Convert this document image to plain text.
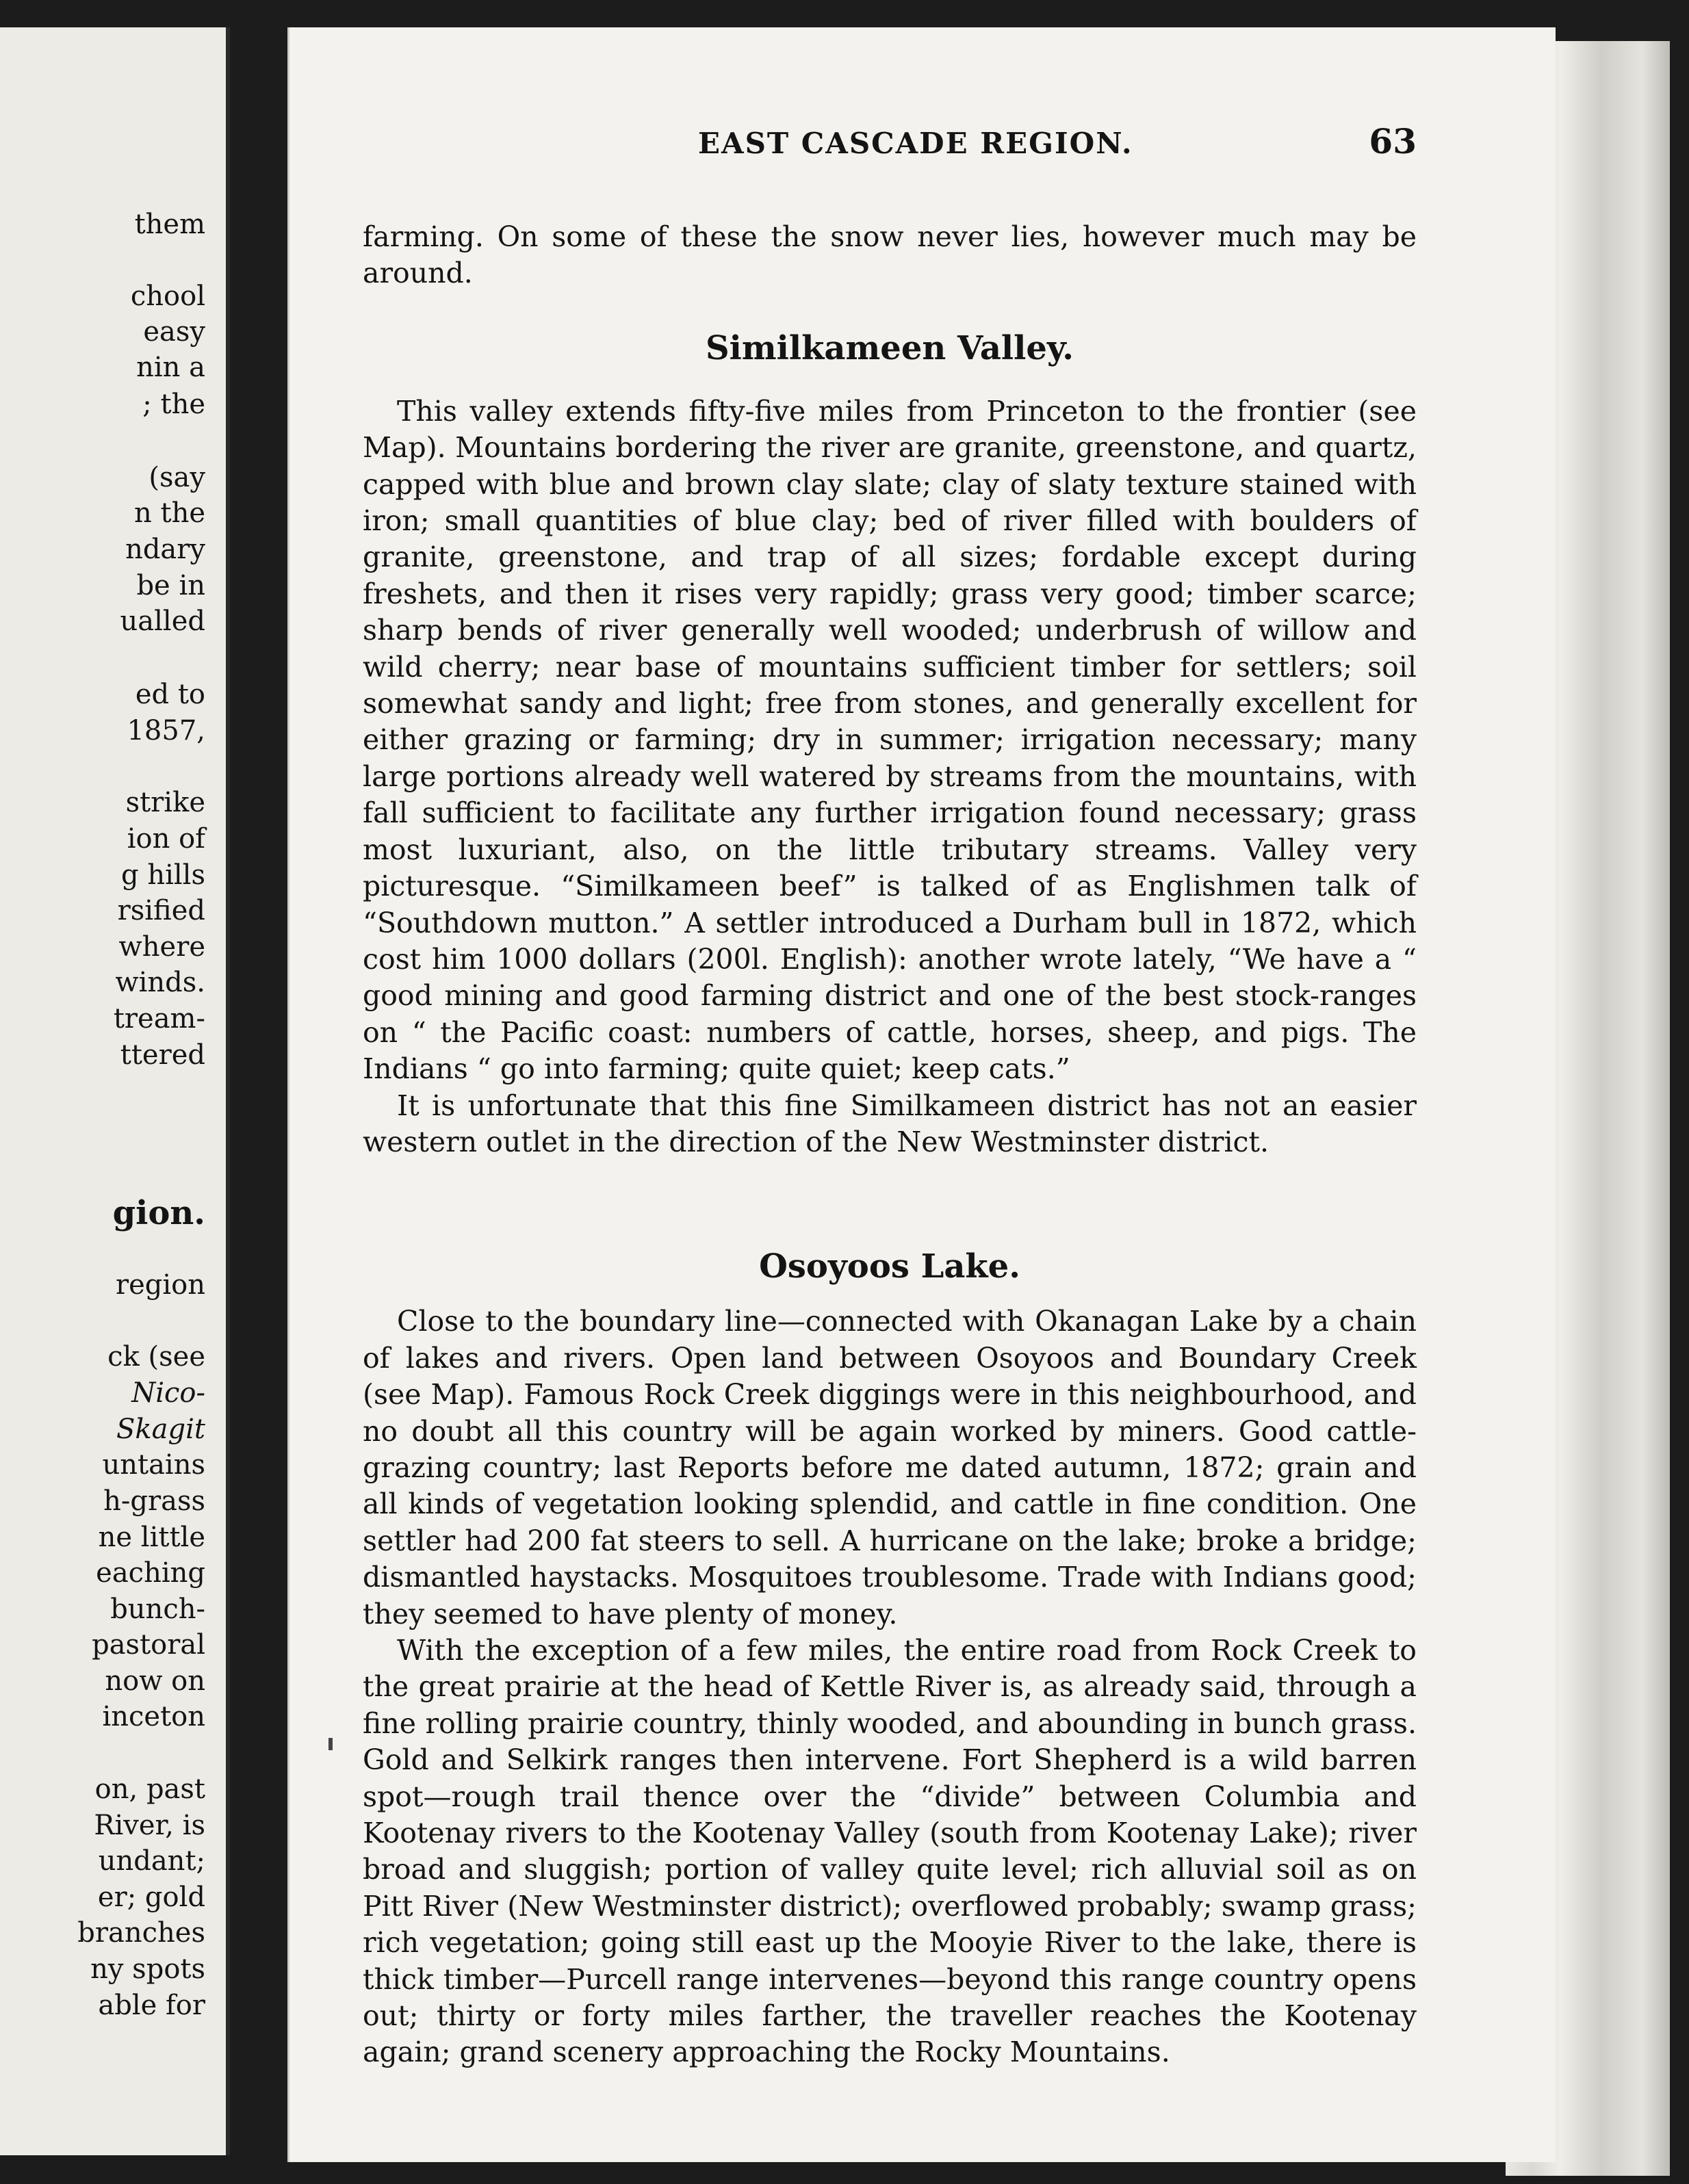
them
chool
easy
nin a
; the
(say
n the
ndary
be in
ualled
ed to
1857,
strike
ion of
g hills
rsified
where
winds.
tream-
ttered
gion.
region
ck (see
Nico-
Skagit
untains
h-grass
ne little
eaching
bunch-
pastoral
now on
inceton
on, past
River, is
undant;
er; gold
branches
ny spots
able for
EAST CASCADE REGION.	63

farming. On some of these the snow never lies, however much may be around.

Similkameen Valley.

This valley extends fifty-five miles from Princeton to the frontier (see Map). Mountains bordering the river are granite, greenstone, and quartz, capped with blue and brown clay slate; clay of slaty texture stained with iron; small quantities of blue clay; bed of river filled with boulders of granite, greenstone, and trap of all sizes; fordable except during freshets, and then it rises very rapidly; grass very good; timber scarce; sharp bends of river generally well wooded; underbrush of willow and wild cherry; near base of mountains sufficient timber for settlers; soil somewhat sandy and light; free from stones, and generally excellent for either grazing or farming; dry in summer; irrigation necessary; many large portions already well watered by streams from the mountains, with fall sufficient to facilitate any further irrigation found necessary; grass most luxuriant, also, on the little tributary streams. Valley very picturesque. “Similkameen beef” is talked of as Englishmen talk of “Southdown mutton.” A settler introduced a Durham bull in 1872, which cost him 1000 dollars (200l. English): another wrote lately, “We have a “ good mining and good farming district and one of the best stock-ranges on “ the Pacific coast: numbers of cattle, horses, sheep, and pigs. The Indians “ go into farming; quite quiet; keep cats.”

It is unfortunate that this fine Similkameen district has not an easier western outlet in the direction of the New Westminster district.

Osoyoos Lake.

Close to the boundary line—connected with Okanagan Lake by a chain of lakes and rivers. Open land between Osoyoos and Boundary Creek (see Map). Famous Rock Creek diggings were in this neighbourhood, and no doubt all this country will be again worked by miners. Good cattle-grazing country; last Reports before me dated autumn, 1872; grain and all kinds of vegetation looking splendid, and cattle in fine condition. One settler had 200 fat steers to sell. A hurricane on the lake; broke a bridge; dismantled haystacks. Mosquitoes troublesome. Trade with Indians good; they seemed to have plenty of money.

With the exception of a few miles, the entire road from Rock Creek to the great prairie at the head of Kettle River is, as already said, through a fine rolling prairie country, thinly wooded, and abounding in bunch grass. Gold and Selkirk ranges then intervene. Fort Shepherd is a wild barren spot—rough trail thence over the “divide” between Columbia and Kootenay rivers to the Kootenay Valley (south from Kootenay Lake); river broad and sluggish; portion of valley quite level; rich alluvial soil as on Pitt River (New Westminster district); overflowed probably; swamp grass; rich vegetation; going still east up the Mooyie River to the lake, there is thick timber—Purcell range intervenes—beyond this range country opens out; thirty or forty miles farther, the traveller reaches the Kootenay again; grand scenery approaching the Rocky Mountains.
